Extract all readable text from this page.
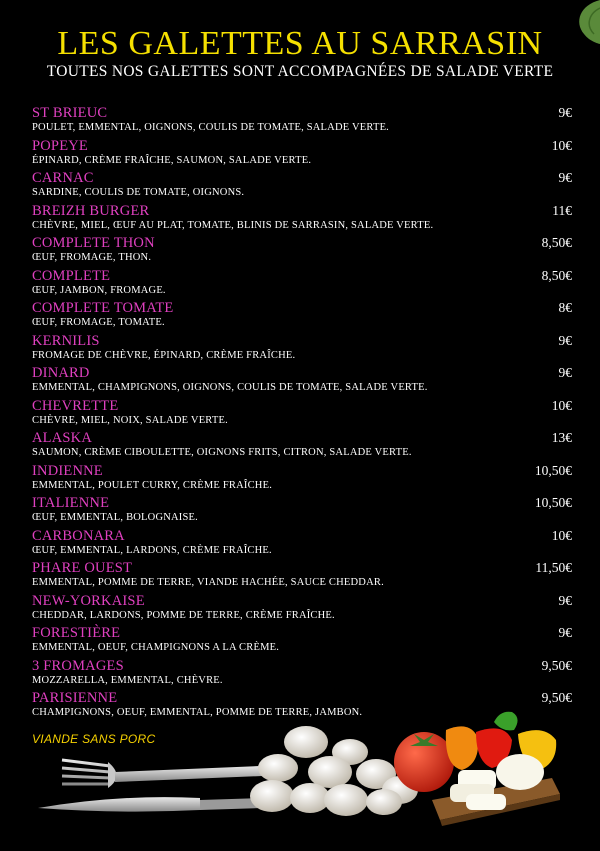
LES GALETTES AU SARRASIN
TOUTES NOS GALETTES SONT ACCOMPAGNÉES DE SALADE VERTE
ST BRIEUC	9€
POULET, EMMENTAL, OIGNONS, COULIS DE TOMATE, SALADE VERTE.
POPEYE	10€
ÉPINARD, CRÈME FRAÎCHE, SAUMON, SALADE VERTE.
CARNAC	9€
SARDINE, COULIS DE TOMATE, OIGNONS.
BREIZH BURGER	11€
CHÈVRE, MIEL, ŒUF AU PLAT, TOMATE, BLINIS DE SARRASIN, SALADE VERTE.
COMPLETE THON	8,50€
ŒUF, FROMAGE, THON.
COMPLETE	8,50€
ŒUF, JAMBON, FROMAGE.
COMPLETE TOMATE	8€
ŒUF, FROMAGE, TOMATE.
KERNILIS	9€
FROMAGE DE CHÈVRE, ÉPINARD, CRÈME FRAÎCHE.
DINARD	9€
EMMENTAL, CHAMPIGNONS, OIGNONS, COULIS DE TOMATE, SALADE VERTE.
CHEVRETTE	10€
CHÈVRE, MIEL, NOIX, SALADE VERTE.
ALASKA	13€
SAUMON, CRÈME CIBOULETTE, OIGNONS FRITS, CITRON, SALADE VERTE.
INDIENNE	10,50€
EMMENTAL, POULET CURRY, CRÈME FRAÎCHE.
ITALIENNE	10,50€
ŒUF, EMMENTAL, BOLOGNAISE.
CARBONARA	10€
ŒUF, EMMENTAL, LARDONS, CRÈME FRAÎCHE.
PHARE OUEST	11,50€
EMMENTAL, POMME DE TERRE, VIANDE HACHÉE, SAUCE CHEDDAR.
NEW-YORKAISE	9€
CHEDDAR, LARDONS, POMME DE TERRE, CRÈME FRAÎCHE.
FORESTIÈRE	9€
EMMENTAL, OEUF, CHAMPIGNONS A LA CRÈME.
3 FROMAGES	9,50€
MOZZARELLA, EMMENTAL, CHÈVRE.
PARISIENNE	9,50€
CHAMPIGNONS, OEUF, EMMENTAL, POMME DE TERRE, JAMBON.
VIANDE SANS PORC
